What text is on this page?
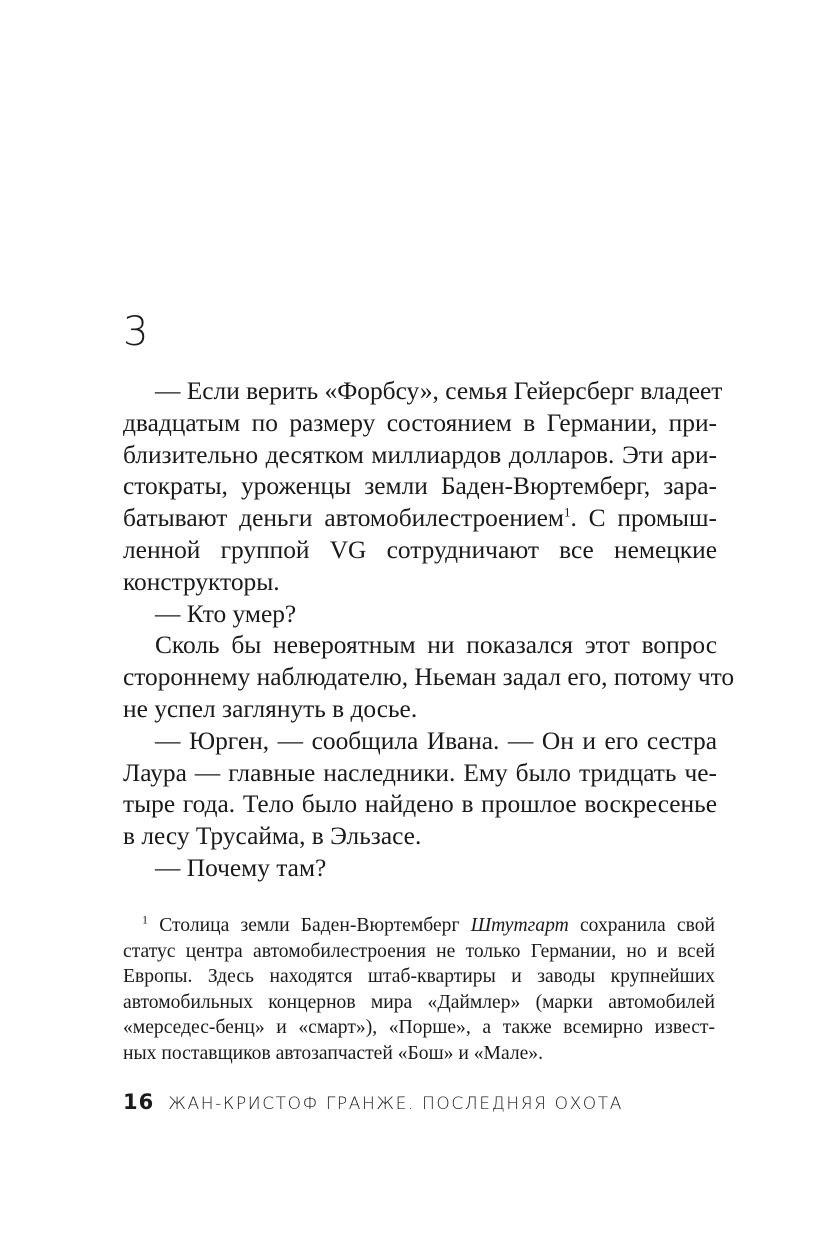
3
— Если верить «Форбсу», семья Гейерсберг владеет
двадцатым по размеру состоянием в Германии, при-
близительно десятком миллиардов долларов. Эти ари-
стократы, уроженцы земли Баден-Вюртемберг, зара-
батывают деньги автомобилестроением$^1$. С промыш-
ленной группой VG сотрудничают все немецкие
конструкторы.
— Кто умер?
Сколь бы невероятным ни показался этот вопрос
стороннему наблюдателю, Ньеман задал его, потому что
не успел заглянуть в досье.
— Юрген, — сообщила Ивана. — Он и его сестра
Лаура — главные наследники. Ему было тридцать че-
тыре года. Тело было найдено в прошлое воскресенье
в лесу Трусайма, в Эльзасе.
— Почему там?
$^1$ Столица земли Баден-Вюртемберг Штутгарт сохранила свой
статус центра автомобилестроения не только Германии, но и всей
Европы. Здесь находятся штаб-квартиры и заводы крупнейших
автомобильных концернов мира «Даймлер» (марки автомобилей
«мерседес-бенц» и «смарт»), «Порше», а также всемирно извест-
ных поставщиков автозапчастей «Бош» и «Мале».
16 ЖАН-КРИСТОФ ГРАНЖЕ. ПОСЛЕДНЯЯ ОХОТА
